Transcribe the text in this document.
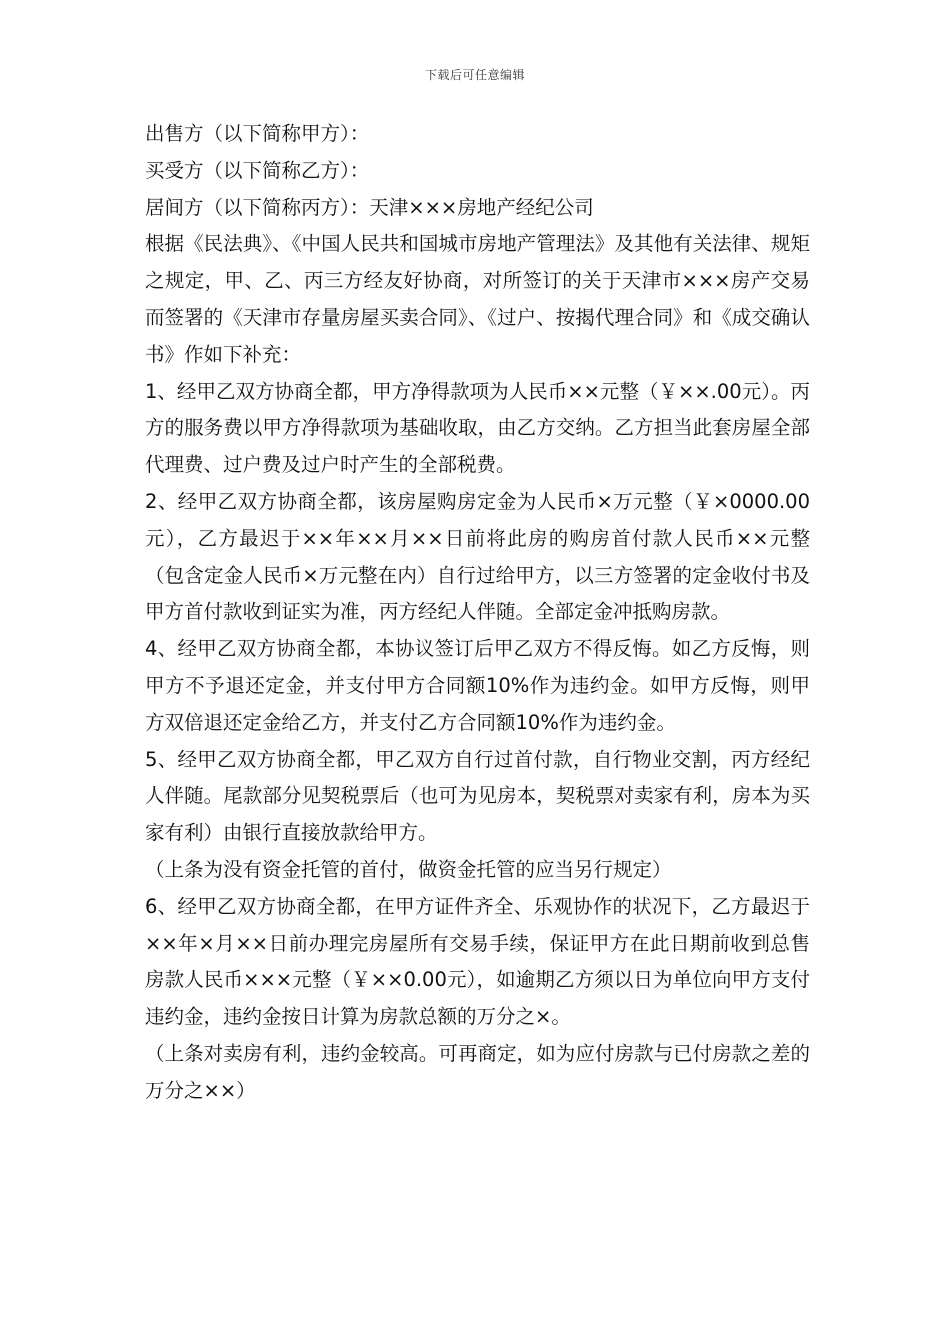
下载后可任意编辑

出售方（以下简称甲方）：

买受方（以下简称乙方）：

居间方（以下简称丙方）：天津×××房地产经纪公司

根据《民法典》、《中国人民共和国城市房地产管理法》及其他有关法律、规矩之规定，甲、乙、丙三方经友好协商，对所签订的关于天津市×××房产交易而签署的《天津市存量房屋买卖合同》、《过户、按揭代理合同》和《成交确认书》作如下补充：

1、经甲乙双方协商全都，甲方净得款项为人民币××元整（￥××.00元）。丙方的服务费以甲方净得款项为基础收取，由乙方交纳。乙方担当此套房屋全部代理费、过户费及过户时产生的全部税费。

2、经甲乙双方协商全都，该房屋购房定金为人民币×万元整（￥×0000.00元），乙方最迟于××年××月××日前将此房的购房首付款人民币××元整（包含定金人民币×万元整在内）自行过给甲方，以三方签署的定金收付书及甲方首付款收到证实为准，丙方经纪人伴随。全部定金冲抵购房款。

4、经甲乙双方协商全都，本协议签订后甲乙双方不得反悔。如乙方反悔，则甲方不予退还定金，并支付甲方合同额10%作为违约金。如甲方反悔，则甲方双倍退还定金给乙方，并支付乙方合同额10%作为违约金。

5、经甲乙双方协商全都，甲乙双方自行过首付款，自行物业交割，丙方经纪人伴随。尾款部分见契税票后（也可为见房本，契税票对卖家有利，房本为买家有利）由银行直接放款给甲方。

（上条为没有资金托管的首付，做资金托管的应当另行规定）

6、经甲乙双方协商全都，在甲方证件齐全、乐观协作的状况下，乙方最迟于××年×月××日前办理完房屋所有交易手续，保证甲方在此日期前收到总售房款人民币×××元整（￥××0.00元），如逾期乙方须以日为单位向甲方支付违约金，违约金按日计算为房款总额的万分之×。

（上条对卖房有利，违约金较高。可再商定，如为应付房款与已付房款之差的万分之××）
